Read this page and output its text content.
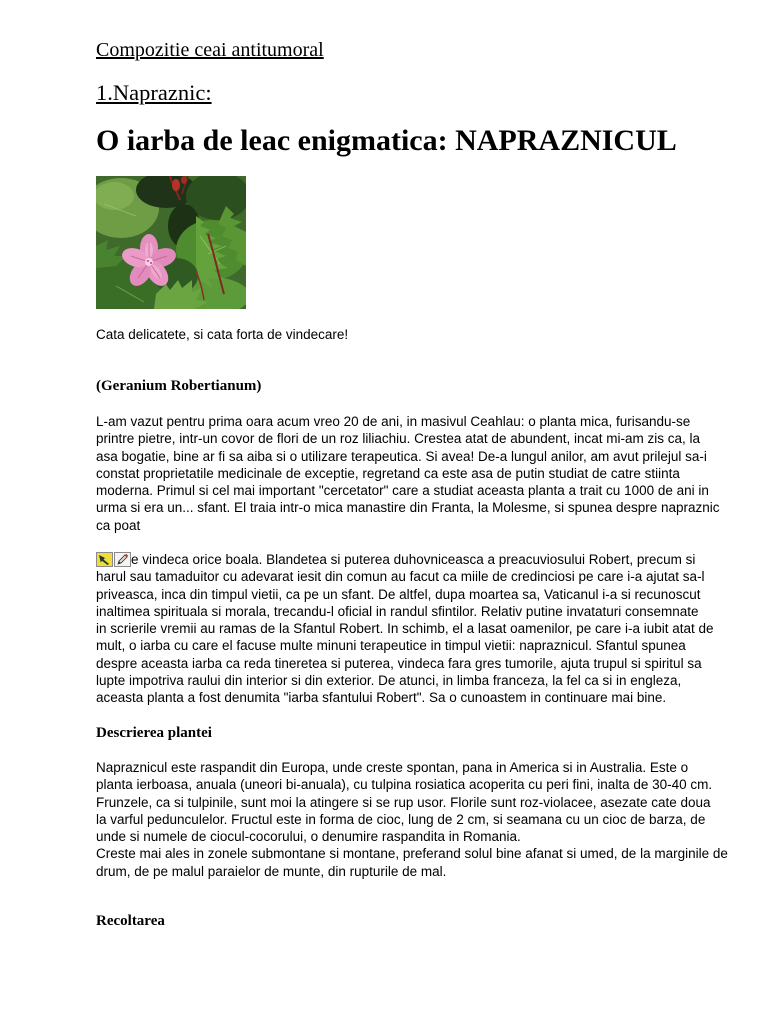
Compozitie ceai antitumoral
1.Napraznic:
O iarba de leac enigmatica: NAPRAZNICUL
Cata delicatete, si cata forta de vindecare!
(Geranium Robertianum)
L-am vazut pentru prima oara acum vreo 20 de ani, in masivul Ceahlau: o planta mica, furisandu-se
printre pietre, intr-un covor de flori de un roz liliachiu. Crestea atat de abundent, incat mi-am zis ca, la
asa bogatie, bine ar fi sa aiba si o utilizare terapeutica. Si avea! De-a lungul anilor, am avut prilejul sa-i
constat proprietatile medicinale de exceptie, regretand ca este asa de putin studiat de catre stiinta
moderna. Primul si cel mai important "cercetator" care a studiat aceasta planta a trait cu 1000 de ani in
urma si era un... sfant. El traia intr-o mica manastire din Franta, la Molesme, si spunea despre napraznic
ca poat
e vindeca orice boala. Blandetea si puterea duhovniceasca a preacuviosului Robert, precum si
harul sau tamaduitor cu adevarat iesit din comun au facut ca miile de credinciosi pe care i-a ajutat sa-l
priveasca, inca din timpul vietii, ca pe un sfant. De altfel, dupa moartea sa, Vaticanul i-a si recunoscut
inaltimea spirituala si morala, trecandu-l oficial in randul sfintilor. Relativ putine invataturi consemnate
in scrierile vremii au ramas de la Sfantul Robert. In schimb, el a lasat oamenilor, pe care i-a iubit atat de
mult, o iarba cu care el facuse multe minuni terapeutice in timpul vietii: napraznicul. Sfantul spunea
despre aceasta iarba ca reda tineretea si puterea, vindeca fara gres tumorile, ajuta trupul si spiritul sa
lupte impotriva raului din interior si din exterior. De atunci, in limba franceza, la fel ca si in engleza,
aceasta planta a fost denumita "iarba sfantului Robert". Sa o cunoastem in continuare mai bine.
Descrierea plantei
Napraznicul este raspandit din Europa, unde creste spontan, pana in America si in Australia. Este o
planta ierboasa, anuala (uneori bi-anuala), cu tulpina rosiatica acoperita cu peri fini, inalta de 30-40 cm.
Frunzele, ca si tulpinile, sunt moi la atingere si se rup usor. Florile sunt roz-violacee, asezate cate doua
la varful pedunculelor. Fructul este in forma de cioc, lung de 2 cm, si seamana cu un cioc de barza, de
unde si numele de ciocul-cocorului, o denumire raspandita in Romania.
Creste mai ales in zonele submontane si montane, preferand solul bine afanat si umed, de la marginile de
drum, de pe malul paraielor de munte, din rupturile de mal.
Recoltarea
